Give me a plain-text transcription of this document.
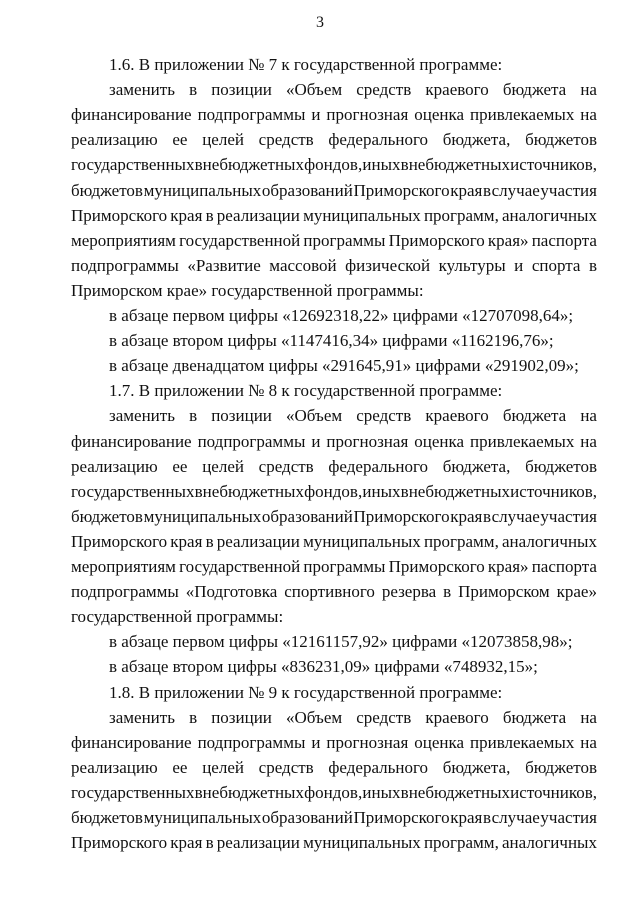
3
1.6. В приложении № 7 к государственной программе:
заменить в позиции «Объем средств краевого бюджета на
финансирование подпрограммы и прогнозная оценка привлекаемых на
реализацию ее целей средств федерального бюджета, бюджетов
государственных внебюджетных фондов, иных внебюджетных источников,
бюджетов муниципальных образований Приморского края в случае участия
Приморского края в реализации муниципальных программ, аналогичных
мероприятиям государственной программы Приморского края» паспорта
подпрограммы «Развитие массовой физической культуры и спорта в
Приморском крае» государственной программы:
в абзаце первом цифры «12692318,22» цифрами «12707098,64»;
в абзаце втором цифры «1147416,34» цифрами «1162196,76»;
в абзаце двенадцатом цифры «291645,91» цифрами «291902,09»;
1.7. В приложении № 8 к государственной программе:
заменить в позиции «Объем средств краевого бюджета на
финансирование подпрограммы и прогнозная оценка привлекаемых на
реализацию ее целей средств федерального бюджета, бюджетов
государственных внебюджетных фондов, иных внебюджетных источников,
бюджетов муниципальных образований Приморского края в случае участия
Приморского края в реализации муниципальных программ, аналогичных
мероприятиям государственной программы Приморского края» паспорта
подпрограммы «Подготовка спортивного резерва в Приморском крае»
государственной программы:
в абзаце первом цифры «12161157,92» цифрами «12073858,98»;
в абзаце втором цифры «836231,09» цифрами «748932,15»;
1.8. В приложении № 9 к государственной программе:
заменить в позиции «Объем средств краевого бюджета на
финансирование подпрограммы и прогнозная оценка привлекаемых на
реализацию ее целей средств федерального бюджета, бюджетов
государственных внебюджетных фондов, иных внебюджетных источников,
бюджетов муниципальных образований Приморского края в случае участия
Приморского края в реализации муниципальных программ, аналогичных
